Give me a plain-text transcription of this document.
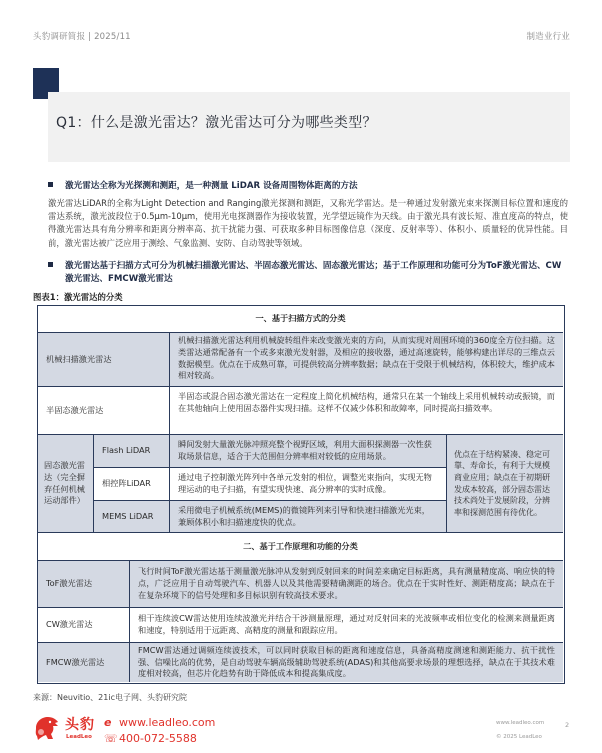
头豹调研简报 | 2025/11	制造业行业
Q1：什么是激光雷达？激光雷达可分为哪些类型？
激光雷达全称为光探测和测距，是一种测量 LiDAR 设备周围物体距离的方法
激光雷达LiDAR的全称为Light Detection and Ranging激光探测和测距，又称光学雷达。是一种通过发射激光束来探测目标位置和速度的雷达系统，激光波段位于0.5μm-10μm，使用光电探测器作为接收装置，光学望远镜作为天线。由于激光具有波长短、准直度高的特点，使得激光雷达具有角分辨率和距离分辨率高、抗干扰能力强、可获取多种目标图像信息（深度、反射率等）、体积小、质量轻的优异性能。目前，激光雷达被广泛应用于测绘、气象监测、安防、自动驾驶等领域。
激光雷达基于扫描方式可分为机械扫描激光雷达、半固态激光雷达、固态激光雷达；基于工作原理和功能可分为ToF激光雷达、CW激光雷达、FMCW激光雷达
图表1：激光雷达的分类
一、基于扫描方式的分类
机械扫描激光雷达
机械扫描激光雷达利用机械旋转组件来改变激光束的方向，从而实现对周围环境的360度全方位扫描。这类雷达通常配备有一个或多束激光发射器，及相应的接收器，通过高速旋转，能够构建出详尽的三维点云数据模型。优点在于成熟可靠，可提供较高分辨率数据；缺点在于受限于机械结构，体积较大，维护成本相对较高。
半固态激光雷达
半固态或混合固态激光雷达在一定程度上简化机械结构，通常只在某一个轴线上采用机械转动或振镜，而在其他轴向上使用固态器件实现扫描。这样不仅减少体积和故障率，同时提高扫描效率。
固态激光雷达（完全摒弃任何机械运动部件）
Flash LiDAR
瞬间发射大量激光脉冲照亮整个视野区域，利用大面积探测器一次性获取场景信息，适合于大范围但分辨率相对较低的应用场景。
相控阵LiDAR
通过电子控制激光阵列中各单元发射的相位，调整光束指向，实现无物理运动的电子扫描，有望实现快速、高分辨率的实时成像。
MEMS LiDAR
采用微电子机械系统(MEMS)的微镜阵列来引导和快速扫描激光光束，兼顾体积小和扫描速度快的优点。
优点在于结构紧凑、稳定可靠、寿命长，有利于大规模商业应用；缺点在于初期研发成本较高，部分固态雷达技术尚处于发展阶段，分辨率和探测范围有待优化。
二、基于工作原理和功能的分类
ToF激光雷达
飞行时间ToF激光雷达基于测量激光脉冲从发射到反射回来的时间差来确定目标距离，具有测量精度高、响应快的特点，广泛应用于自动驾驶汽车、机器人以及其他需要精确测距的场合。优点在于实时性好、测距精度高；缺点在于在复杂环境下的信号处理和多目标识别有较高技术要求。
CW激光雷达
相干连续波CW雷达使用连续波激光并结合干涉测量原理，通过对反射回来的光波频率或相位变化的检测来测量距离和速度，特别适用于远距离、高精度的测量和跟踪应用。
FMCW激光雷达
FMCW雷达通过调频连续波技术，可以同时获取目标的距离和速度信息，具备高精度测速和测距能力、抗干扰性强、信噪比高的优势，是自动驾驶车辆高级辅助驾驶系统(ADAS)和其他高要求场景的理想选择，缺点在于其技术难度相对较高，但芯片化趋势有助于降低成本和提高集成度。
来源：Neuvitio、21ic电子网、头豹研究院
头豹
LeadLeo
e www.leadleo.com
☏400-072-5588
www.leadleo.com
© 2025 LeadLeo
2
